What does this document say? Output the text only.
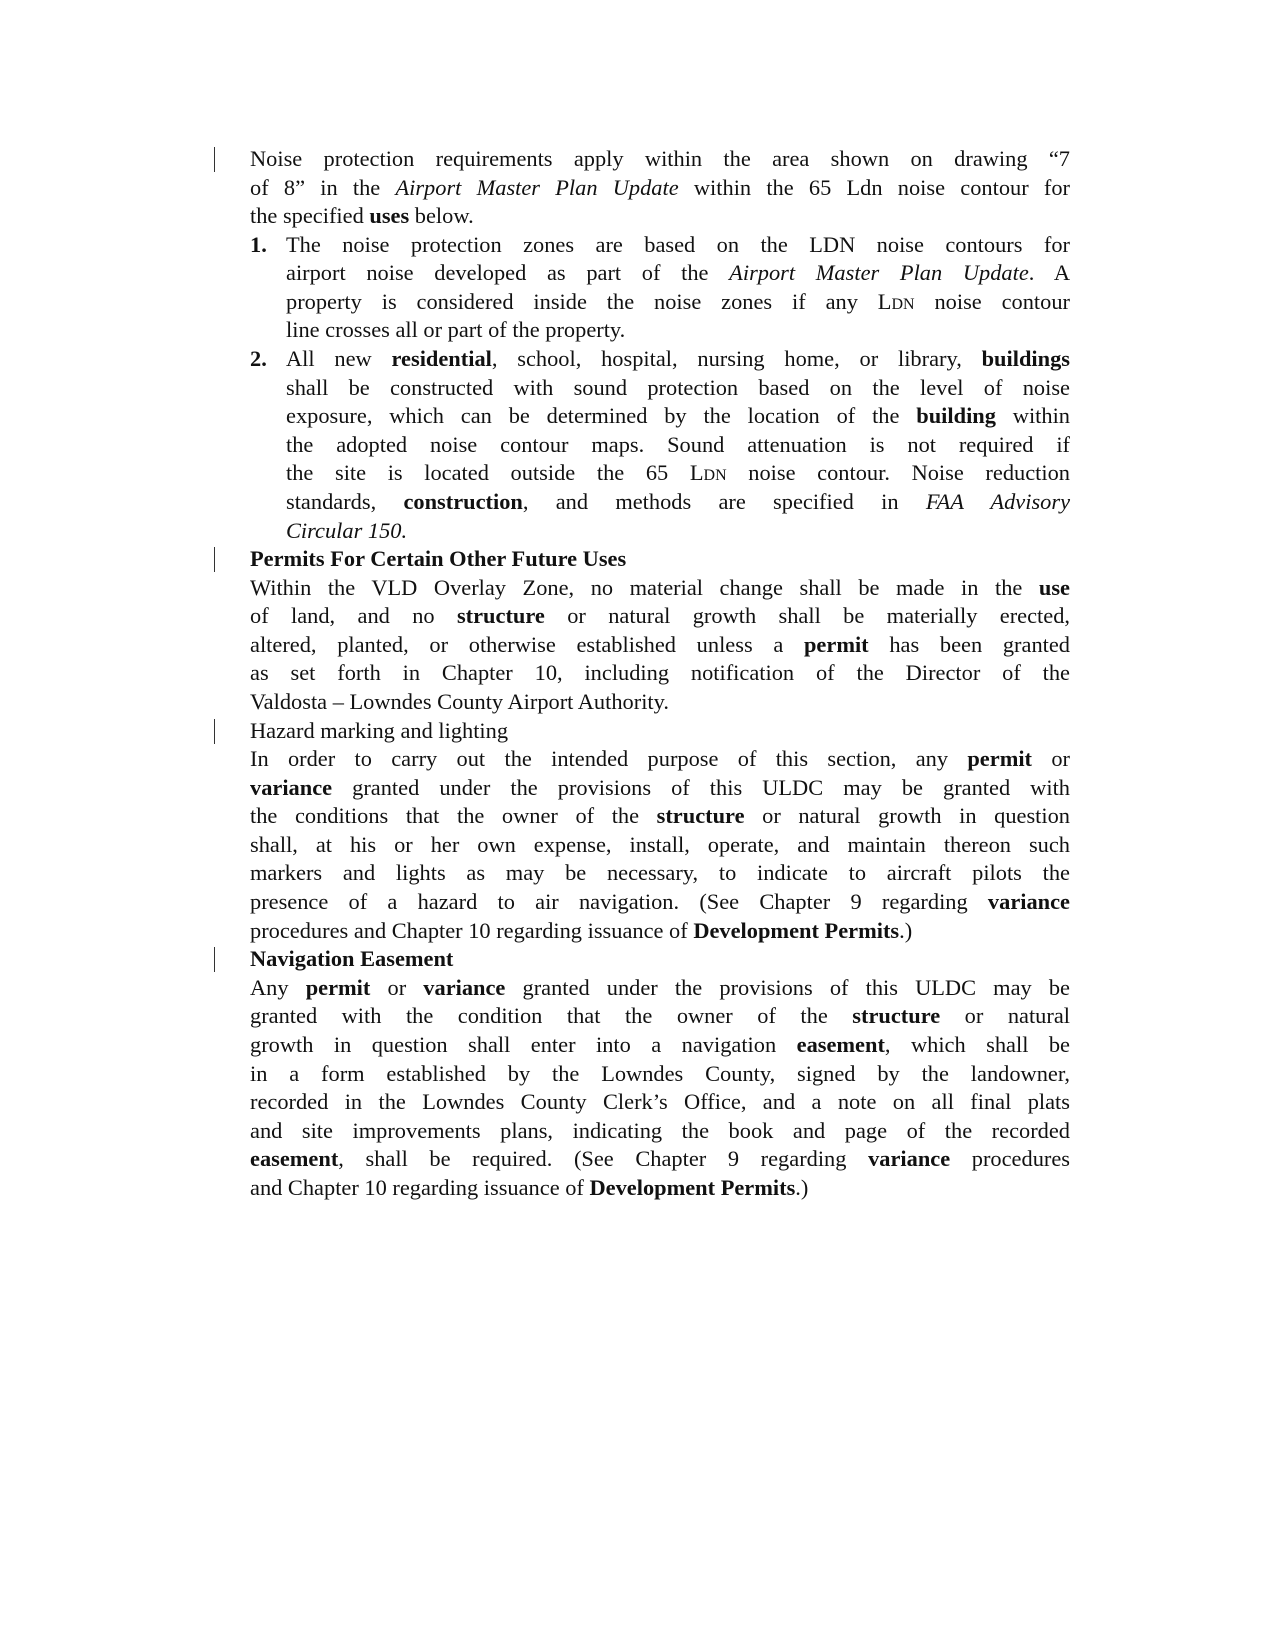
Noise protection requirements apply within the area shown on drawing “7
of 8” in the Airport Master Plan Update within the 65 Ldn noise contour for
the specified uses below.
1. The noise protection zones are based on the LDN noise contours for
airport noise developed as part of the Airport Master Plan Update. A
property is considered inside the noise zones if any Ldn noise contour
line crosses all or part of the property.
2. All new residential, school, hospital, nursing home, or library, buildings
shall be constructed with sound protection based on the level of noise
exposure, which can be determined by the location of the building within
the adopted noise contour maps. Sound attenuation is not required if
the site is located outside the 65 Ldn noise contour. Noise reduction
standards, construction, and methods are specified in FAA Advisory
Circular 150.
Permits For Certain Other Future Uses
Within the VLD Overlay Zone, no material change shall be made in the use
of land, and no structure or natural growth shall be materially erected,
altered, planted, or otherwise established unless a permit has been granted
as set forth in Chapter 10, including notification of the Director of the
Valdosta – Lowndes County Airport Authority.
Hazard marking and lighting
In order to carry out the intended purpose of this section, any permit or
variance granted under the provisions of this ULDC may be granted with
the conditions that the owner of the structure or natural growth in question
shall, at his or her own expense, install, operate, and maintain thereon such
markers and lights as may be necessary, to indicate to aircraft pilots the
presence of a hazard to air navigation. (See Chapter 9 regarding variance
procedures and Chapter 10 regarding issuance of Development Permits.)
Navigation Easement
Any permit or variance granted under the provisions of this ULDC may be
granted with the condition that the owner of the structure or natural
growth in question shall enter into a navigation easement, which shall be
in a form established by the Lowndes County, signed by the landowner,
recorded in the Lowndes County Clerk’s Office, and a note on all final plats
and site improvements plans, indicating the book and page of the recorded
easement, shall be required. (See Chapter 9 regarding variance procedures
and Chapter 10 regarding issuance of Development Permits.)
